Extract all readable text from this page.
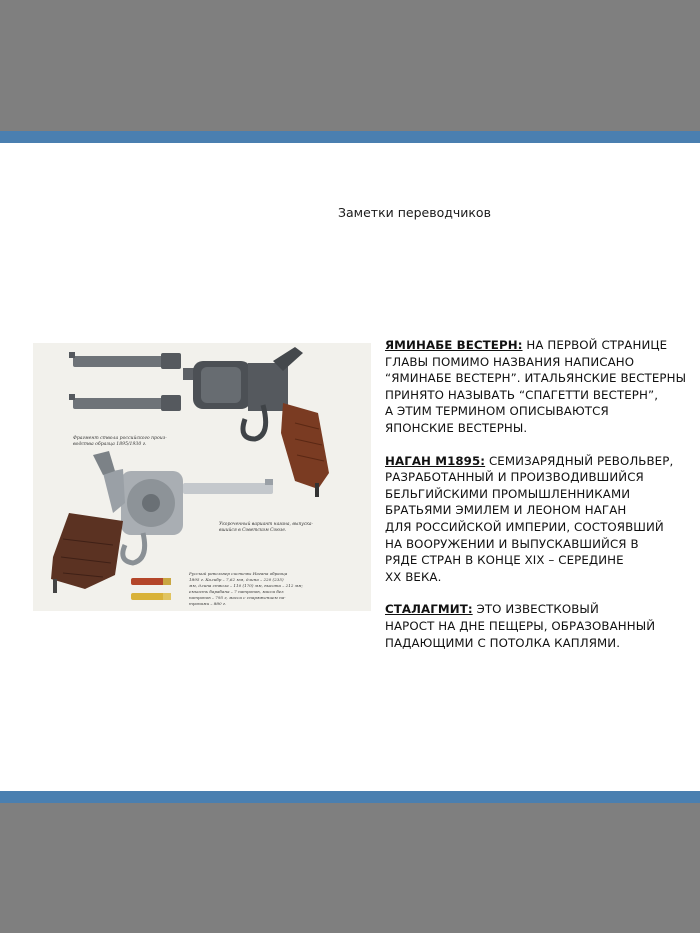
Заметки переводчиков
Фрагмент ствола российского произ-
водства образца 1895/1930 г.
Укороченный вариант нагана, выпуска-
вшийся в Советском Союзе.
Русский револьвер системы Нагана образца
1895 г. Калибр – 7,62 мм, длина – 220 (235)
мм, длина ствола – 110 (170) мм, высота – 212 мм;
емкость барабана – 7 патронов, масса без
патронов – 795 г, масса с снаряжением па-
тронами – 880 г.
ЯМИНАБЕ ВЕСТЕРН: НА ПЕРВОЙ СТРАНИЦЕ
ГЛАВЫ ПОМИМО НАЗВАНИЯ НАПИСАНО
“ЯМИНАБЕ ВЕСТЕРН”. ИТАЛЬЯНСКИЕ ВЕСТЕРНЫ
ПРИНЯТО НАЗЫВАТЬ “СПАГЕТТИ ВЕСТЕРН”,
А ЭТИМ ТЕРМИНОМ ОПИСЫВАЮТСЯ
ЯПОНСКИЕ ВЕСТЕРНЫ.
НАГАН М1895: СЕМИЗАРЯДНЫЙ РЕВОЛЬВЕР,
РАЗРАБОТАННЫЙ И ПРОИЗВОДИВШИЙСЯ
БЕЛЬГИЙСКИМИ ПРОМЫШЛЕННИКАМИ
БРАТЬЯМИ ЭМИЛЕМ И ЛЕОНОМ НАГАН
ДЛЯ РОССИЙСКОЙ ИМПЕРИИ, СОСТОЯВШИЙ
НА ВООРУЖЕНИИ И ВЫПУСКАВШИЙСЯ В
РЯДЕ СТРАН В КОНЦЕ XIX – СЕРЕДИНЕ
XX ВЕКА.
СТАЛАГМИТ: ЭТО ИЗВЕСТКОВЫЙ
НАРОСТ НА ДНЕ ПЕЩЕРЫ, ОБРАЗОВАННЫЙ
ПАДАЮЩИМИ С ПОТОЛКА КАПЛЯМИ.
